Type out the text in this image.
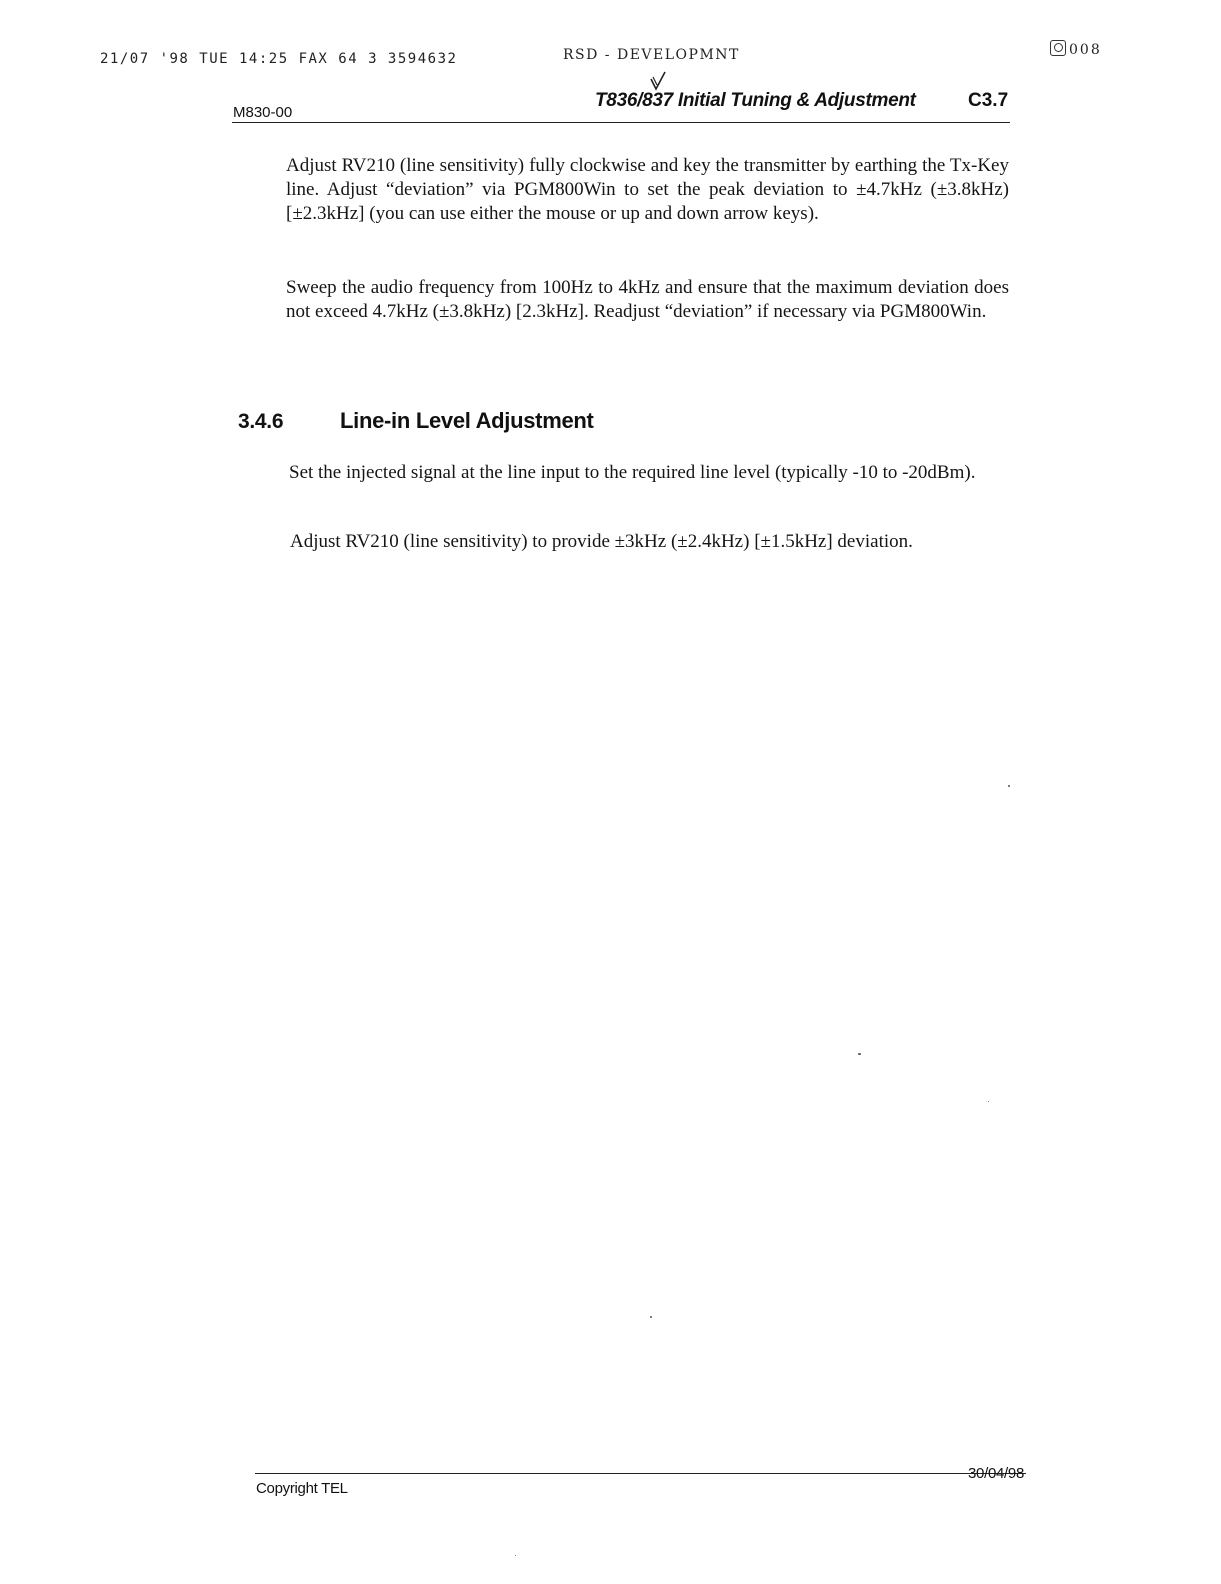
21/07 '98 TUE 14:25 FAX 64 3 3594632	RSD - DEVELOPMNT	008
M830-00
T836/837 Initial Tuning & Adjustment	C3.7
Adjust RV210 (line sensitivity) fully clockwise and key the transmitter by earthing the Tx-Key line. Adjust “deviation” via PGM800Win to set the peak deviation to ±4.7kHz (±3.8kHz) [±2.3kHz] (you can use either the mouse or up and down arrow keys).
Sweep the audio frequency from 100Hz to 4kHz and ensure that the maximum deviation does not exceed 4.7kHz (±3.8kHz) [2.3kHz]. Readjust “deviation” if necessary via PGM800Win.
3.4.6	Line-in Level Adjustment
Set the injected signal at the line input to the required line level (typically -10 to -20dBm).
Adjust RV210 (line sensitivity) to provide ±3kHz (±2.4kHz) [±1.5kHz] deviation.
Copyright TEL
30/04/98
